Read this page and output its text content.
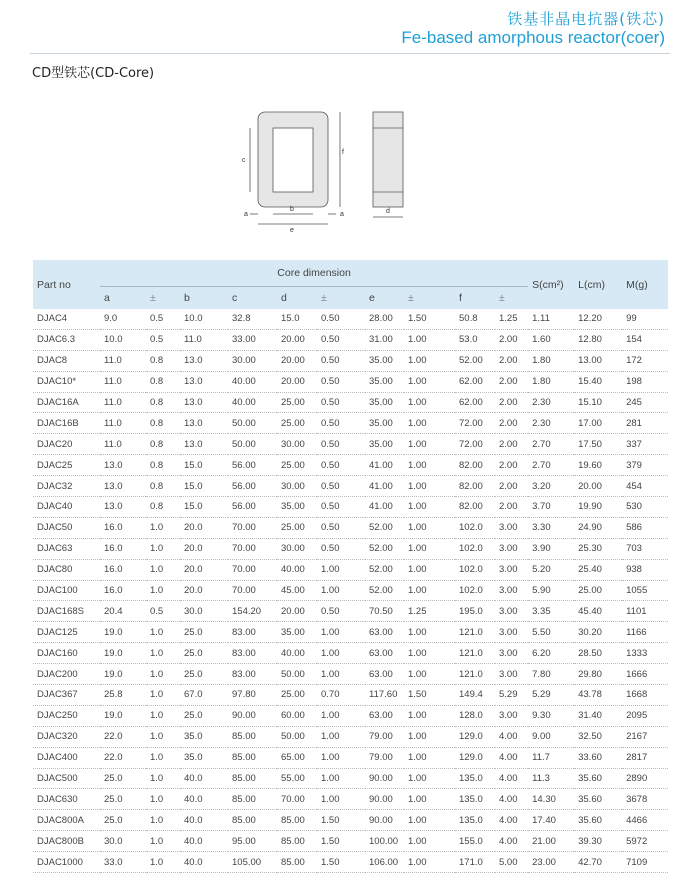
铁基非晶电抗器(铁芯)
Fe-based amorphous reactor(coer)
CD型铁芯(CD-Core)
c
f
a
b
e
a	d
Part no	Core dimension										S(cm²)	L(cm)	M(g)
	a	±	b	c	d	±	e	±	f	±			
DJAC4	9.0	0.5	10.0	32.8	15.0	0.50	28.00	1.50	50.8	1.25	1.11	12.20	99
DJAC6.3	10.0	0.5	11.0	33.00	20.00	0.50	31.00	1.00	53.0	2.00	1.60	12.80	154
DJAC8	11.0	0.8	13.0	30.00	20.00	0.50	35.00	1.00	52.00	2.00	1.80	13.00	172
DJAC10*	11.0	0.8	13.0	40.00	20.00	0.50	35.00	1.00	62.00	2.00	1.80	15.40	198
DJAC16A	11.0	0.8	13.0	40.00	25.00	0.50	35.00	1.00	62.00	2.00	2.30	15.10	245
DJAC16B	11.0	0.8	13.0	50.00	25.00	0.50	35.00	1.00	72.00	2.00	2.30	17.00	281
DJAC20	11.0	0.8	13.0	50.00	30.00	0.50	35.00	1.00	72.00	2.00	2.70	17.50	337
DJAC25	13.0	0.8	15.0	56.00	25.00	0.50	41.00	1.00	82.00	2.00	2.70	19.60	379
DJAC32	13.0	0.8	15.0	56.00	30.00	0.50	41.00	1.00	82.00	2.00	3.20	20.00	454
DJAC40	13.0	0.8	15.0	56.00	35.00	0.50	41.00	1.00	82.00	2.00	3.70	19.90	530
DJAC50	16.0	1.0	20.0	70.00	25.00	0.50	52.00	1.00	102.0	3.00	3.30	24.90	586
DJAC63	16.0	1.0	20.0	70.00	30.00	0.50	52.00	1.00	102.0	3.00	3.90	25.30	703
DJAC80	16.0	1.0	20.0	70.00	40.00	1.00	52.00	1.00	102.0	3.00	5.20	25.40	938
DJAC100	16.0	1.0	20.0	70.00	45.00	1.00	52.00	1.00	102.0	3.00	5.90	25.00	1055
DJAC168S	20.4	0.5	30.0	154.20	20.00	0.50	70.50	1.25	195.0	3.00	3.35	45.40	1101
DJAC125	19.0	1.0	25.0	83.00	35.00	1.00	63.00	1.00	121.0	3.00	5.50	30.20	1166
DJAC160	19.0	1.0	25.0	83.00	40.00	1.00	63.00	1.00	121.0	3.00	6.20	28.50	1333
DJAC200	19.0	1.0	25.0	83.00	50.00	1.00	63.00	1.00	121.0	3.00	7.80	29.80	1666
DJAC367	25.8	1.0	67.0	97.80	25.00	0.70	117.60	1.50	149.4	5.29	5.29	43.78	1668
DJAC250	19.0	1.0	25.0	90.00	60.00	1.00	63.00	1.00	128.0	3.00	9.30	31.40	2095
DJAC320	22.0	1.0	35.0	85.00	50.00	1.00	79.00	1.00	129.0	4.00	9.00	32.50	2167
DJAC400	22.0	1.0	35.0	85.00	65.00	1.00	79.00	1.00	129.0	4.00	11.7	33.60	2817
DJAC500	25.0	1.0	40.0	85.00	55.00	1.00	90.00	1.00	135.0	4.00	11.3	35.60	2890
DJAC630	25.0	1.0	40.0	85.00	70.00	1.00	90.00	1.00	135.0	4.00	14.30	35.60	3678
DJAC800A	25.0	1.0	40.0	85.00	85.00	1.50	90.00	1.00	135.0	4.00	17.40	35.60	4466
DJAC800B	30.0	1.0	40.0	95.00	85.00	1.50	100.00	1.00	155.0	4.00	21.00	39.30	5972
DJAC1000	33.0	1.0	40.0	105.00	85.00	1.50	106.00	1.00	171.0	5.00	23.00	42.70	7109
